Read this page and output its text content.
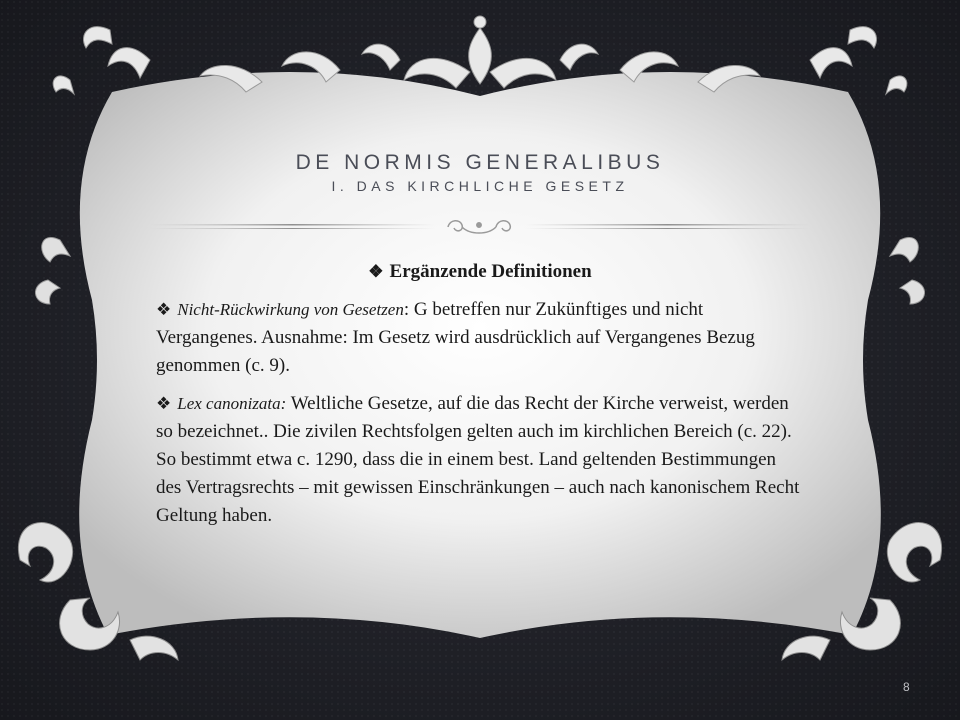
DE NORMIS GENERALIBUS
I. DAS KIRCHLICHE GESETZ
❖ Ergänzende Definitionen

❖ Nicht-Rückwirkung von Gesetzen: G betreffen nur Zukünftiges und nicht Vergangenes. Ausnahme: Im Gesetz wird ausdrücklich auf Vergangenes Bezug genommen (c. 9).

❖ Lex canonizata: Weltliche Gesetze, auf die das Recht der Kirche verweist, werden so bezeichnet.. Die zivilen Rechtsfolgen gelten auch im kirchlichen Bereich (c. 22). So bestimmt etwa c. 1290, dass die in einem best. Land geltenden Bestimmungen des Vertragsrechts – mit gewissen Einschränkungen – auch nach kanonischem Recht Geltung haben.

8
